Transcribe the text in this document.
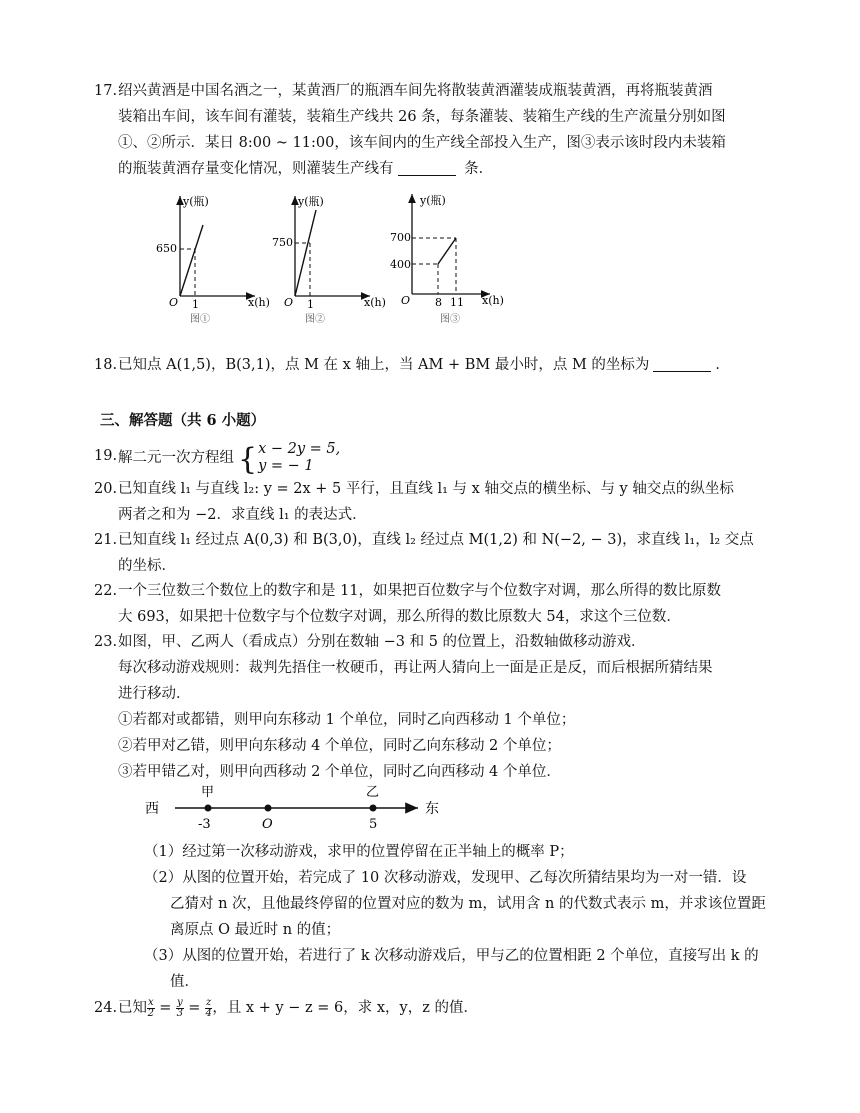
17. 绍兴黄酒是中国名酒之一，某黄酒厂的瓶酒车间先将散装黄酒灌装成瓶装黄酒，再将瓶装黄酒
装箱出车间，该车间有灌装，装箱生产线共 26 条，每条灌装、装箱生产线的生产流量分别如图
①、②所示．某日 8:00 ~ 11:00，该车间内的生产线全部投入生产，图③表示该时段内未装箱
的瓶装黄酒存量变化情况，则灌装生产线有	条．
y(瓶)
650
O 1	x(h)
图①
y(瓶)
750
O 1	x(h)
图②
y(瓶)
700
400
O 8 11 x(h)
图③
18. 已知点 A(1,5)，B(3,1)，点 M 在 x 轴上，当 AM + BM 最小时，点 M 的坐标为	．
三、解答题（共 6 小题）
19. 解二元一次方程组 { x − 2y = 5,
y = − 1
20. 已知直线 l₁ 与直线 l₂: y = 2x + 5 平行，且直线 l₁ 与 x 轴交点的横坐标、与 y 轴交点的纵坐标
两者之和为 −2．求直线 l₁ 的表达式．
21. 已知直线 l₁ 经过点 A(0,3) 和 B(3,0)，直线 l₂ 经过点 M(1,2) 和 N(−2, − 3)，求直线 l₁，l₂ 交点
的坐标．
22. 一个三位数三个数位上的数字和是 11，如果把百位数字与个位数字对调，那么所得的数比原数
大 693，如果把十位数字与个位数字对调，那么所得的数比原数大 54，求这个三位数．
23. 如图，甲、乙两人（看成点）分别在数轴 −3 和 5 的位置上，沿数轴做移动游戏．
每次移动游戏规则：裁判先捂住一枚硬币，再让两人猜向上一面是正是反，而后根据所猜结果
进行移动．
①若都对或都错，则甲向东移动 1 个单位，同时乙向西移动 1 个单位；
②若甲对乙错，则甲向东移动 4 个单位，同时乙向东移动 2 个单位；
③若甲错乙对，则甲向西移动 2 个单位，同时乙向西移动 4 个单位．
西	东
甲	乙
-3	O	5
（1）经过第一次移动游戏，求甲的位置停留在正半轴上的概率 P；
（2）从图的位置开始，若完成了 10 次移动游戏，发现甲、乙每次所猜结果均为一对一错．设
乙猜对 n 次，且他最终停留的位置对应的数为 m，试用含 n 的代数式表示 m，并求该位置距
离原点 O 最近时 n 的值；
（3）从图的位置开始，若进行了 k 次移动游戏后，甲与乙的位置相距 2 个单位，直接写出 k 的
值．
24. 已知 $\frac{x}{2} = \frac{y}{3} = \frac{z}{4}$ ，且 x + y − z = 6，求 x，y，z 的值．
